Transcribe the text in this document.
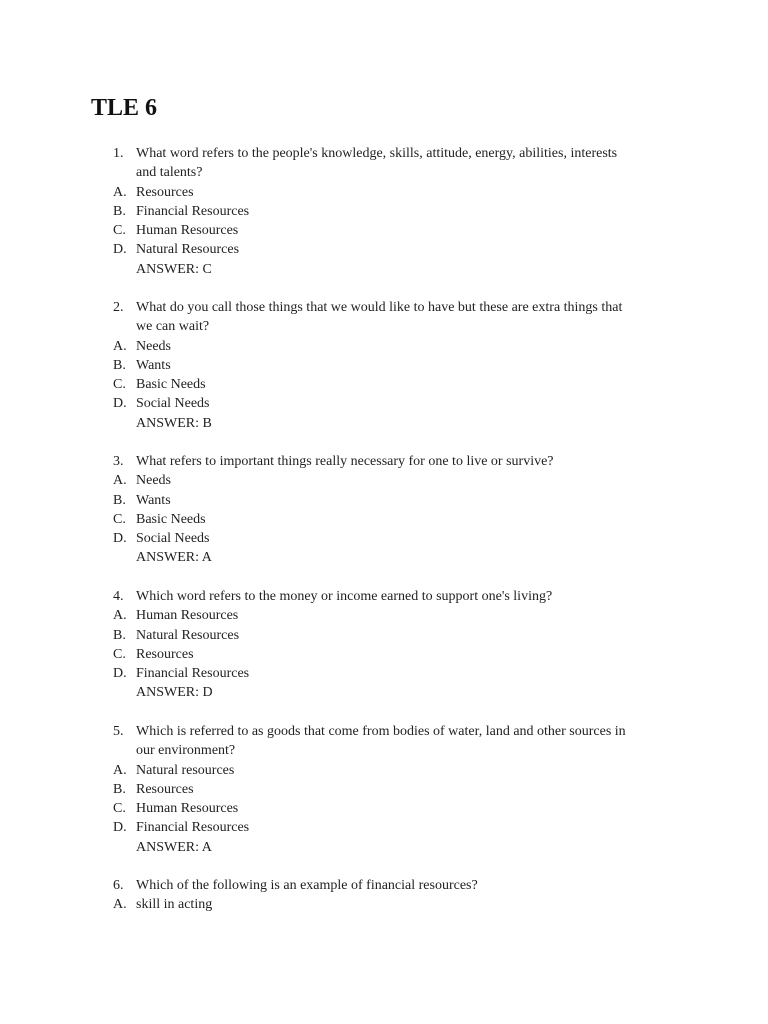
TLE 6
1. What word refers to the people's knowledge, skills, attitude, energy, abilities, interests
and talents?
A. Resources
B. Financial Resources
C. Human Resources
D. Natural Resources
ANSWER: C
2. What do you call those things that we would like to have but these are extra things that
we can wait?
A. Needs
B. Wants
C. Basic Needs
D. Social Needs
ANSWER: B
3. What refers to important things really necessary for one to live or survive?
A. Needs
B. Wants
C. Basic Needs
D. Social Needs
ANSWER: A
4. Which word refers to the money or income earned to support one's living?
A. Human Resources
B. Natural Resources
C. Resources
D. Financial Resources
ANSWER: D
5. Which is referred to as goods that come from bodies of water, land and other sources in
our environment?
A. Natural resources
B. Resources
C. Human Resources
D. Financial Resources
ANSWER: A
6. Which of the following is an example of financial resources?
A. skill in acting
